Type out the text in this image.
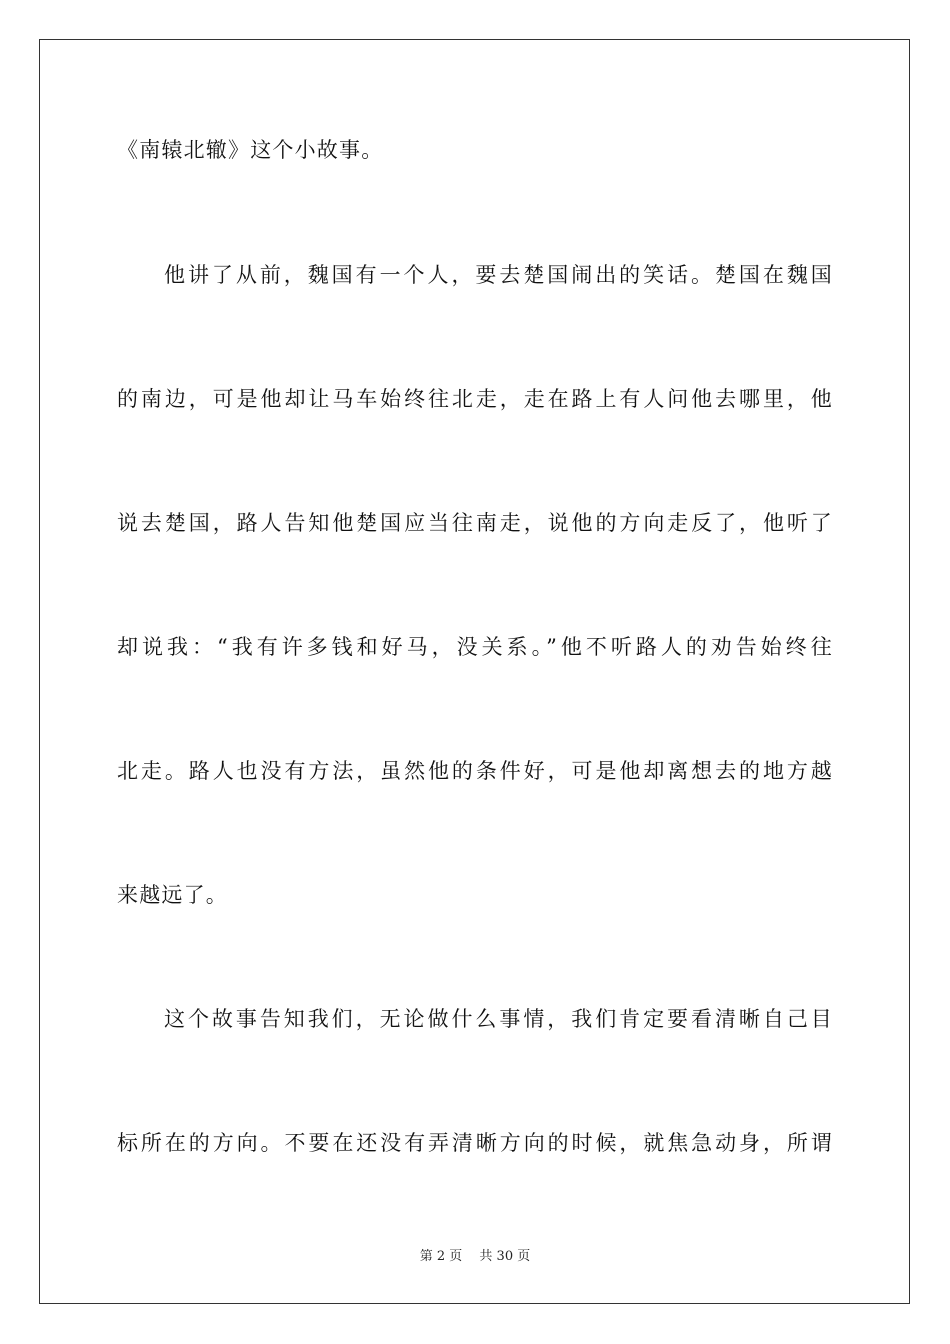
《南辕北辙》这个小故事。
他讲了从前，魏国有一个人，要去楚国闹出的笑话。楚国在魏国
的南边，可是他却让马车始终往北走，走在路上有人问他去哪里，他
说去楚国，路人告知他楚国应当往南走，说他的方向走反了，他听了
却说我：“我有许多钱和好马，没关系。”他不听路人的劝告始终往
北走。路人也没有方法，虽然他的条件好，可是他却离想去的地方越
来越远了。
这个故事告知我们，无论做什么事情，我们肯定要看清晰自己目
标所在的方向。不要在还没有弄清晰方向的时候，就焦急动身，所谓
第 2 页　 共 30 页
